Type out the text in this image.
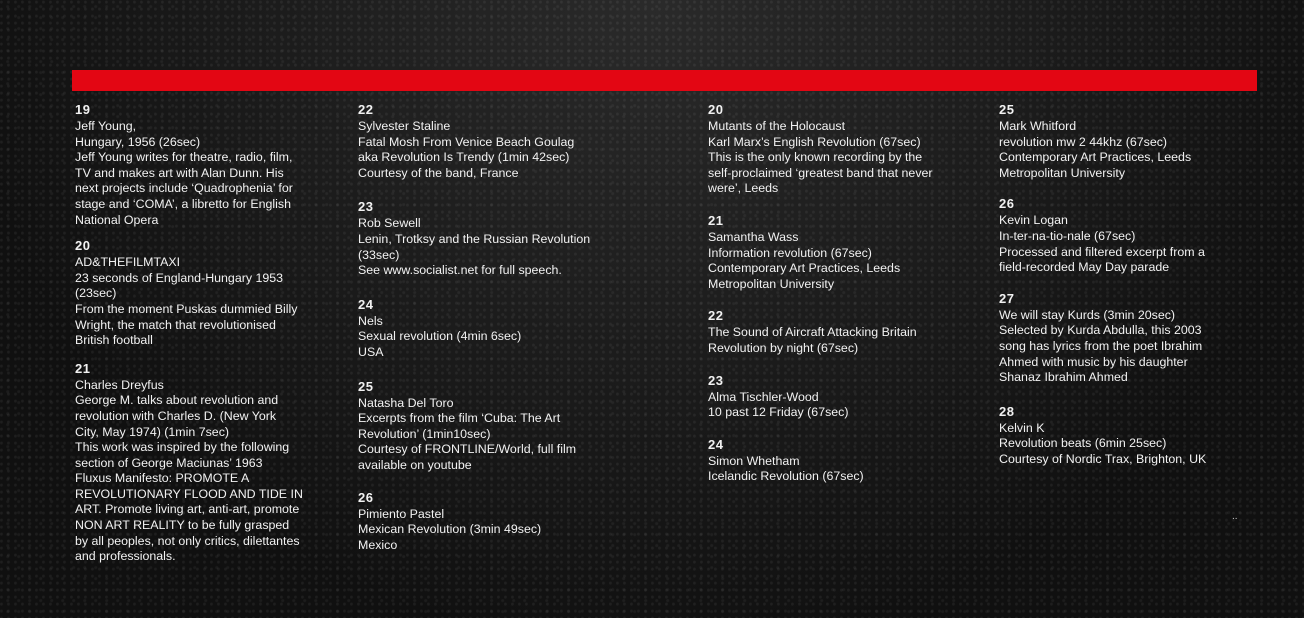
19
Jeff Young,
Hungary, 1956 (26sec)
Jeff Young writes for theatre, radio, film,
TV and makes art with Alan Dunn. His
next projects include ‘Quadrophenia’ for
stage and ‘COMA’, a libretto for English
National Opera
20
AD&THEFILMTAXI
23 seconds of England-Hungary 1953
(23sec)
From the moment Puskas dummied Billy
Wright, the match that revolutionised
British football
21
Charles Dreyfus
George M. talks about revolution and
revolution with Charles D. (New York
City, May 1974) (1min 7sec)
This work was inspired by the following
section of George Maciunas’ 1963
Fluxus Manifesto: PROMOTE A
REVOLUTIONARY FLOOD AND TIDE IN
ART. Promote living art, anti-art, promote
NON ART REALITY to be fully grasped
by all peoples, not only critics, dilettantes
and professionals.
22
Sylvester Staline
Fatal Mosh From Venice Beach Goulag
aka Revolution Is Trendy (1min 42sec)
Courtesy of the band, France
23
Rob Sewell
Lenin, Trotksy and the Russian Revolution
(33sec)
See www.socialist.net for full speech.
24
Nels
Sexual revolution (4min 6sec)
USA
25
Natasha Del Toro
Excerpts from the film ‘Cuba: The Art
Revolution’ (1min10sec)
Courtesy of FRONTLINE/World, full film
available on youtube
26
Pimiento Pastel
Mexican Revolution (3min 49sec)
Mexico
20
Mutants of the Holocaust
Karl Marx’s English Revolution (67sec)
This is the only known recording by the
self-proclaimed ‘greatest band that never
were’, Leeds
21
Samantha Wass
Information revolution (67sec)
Contemporary Art Practices, Leeds
Metropolitan University
22
The Sound of Aircraft Attacking Britain
Revolution by night (67sec)
23
Alma Tischler-Wood
10 past 12 Friday (67sec)
24
Simon Whetham
Icelandic Revolution (67sec)
25
Mark Whitford
revolution mw 2 44khz (67sec)
Contemporary Art Practices, Leeds
Metropolitan University
26
Kevin Logan
In-ter-na-tio-nale (67sec)
Processed and filtered excerpt from a
field-recorded May Day parade
27
We will stay Kurds (3min 20sec)
Selected by Kurda Abdulla, this 2003
song has lyrics from the poet Ibrahim
Ahmed with music by his daughter
Shanaz Ibrahim Ahmed
28
Kelvin K
Revolution beats (6min 25sec)
Courtesy of Nordic Trax, Brighton, UK
..
